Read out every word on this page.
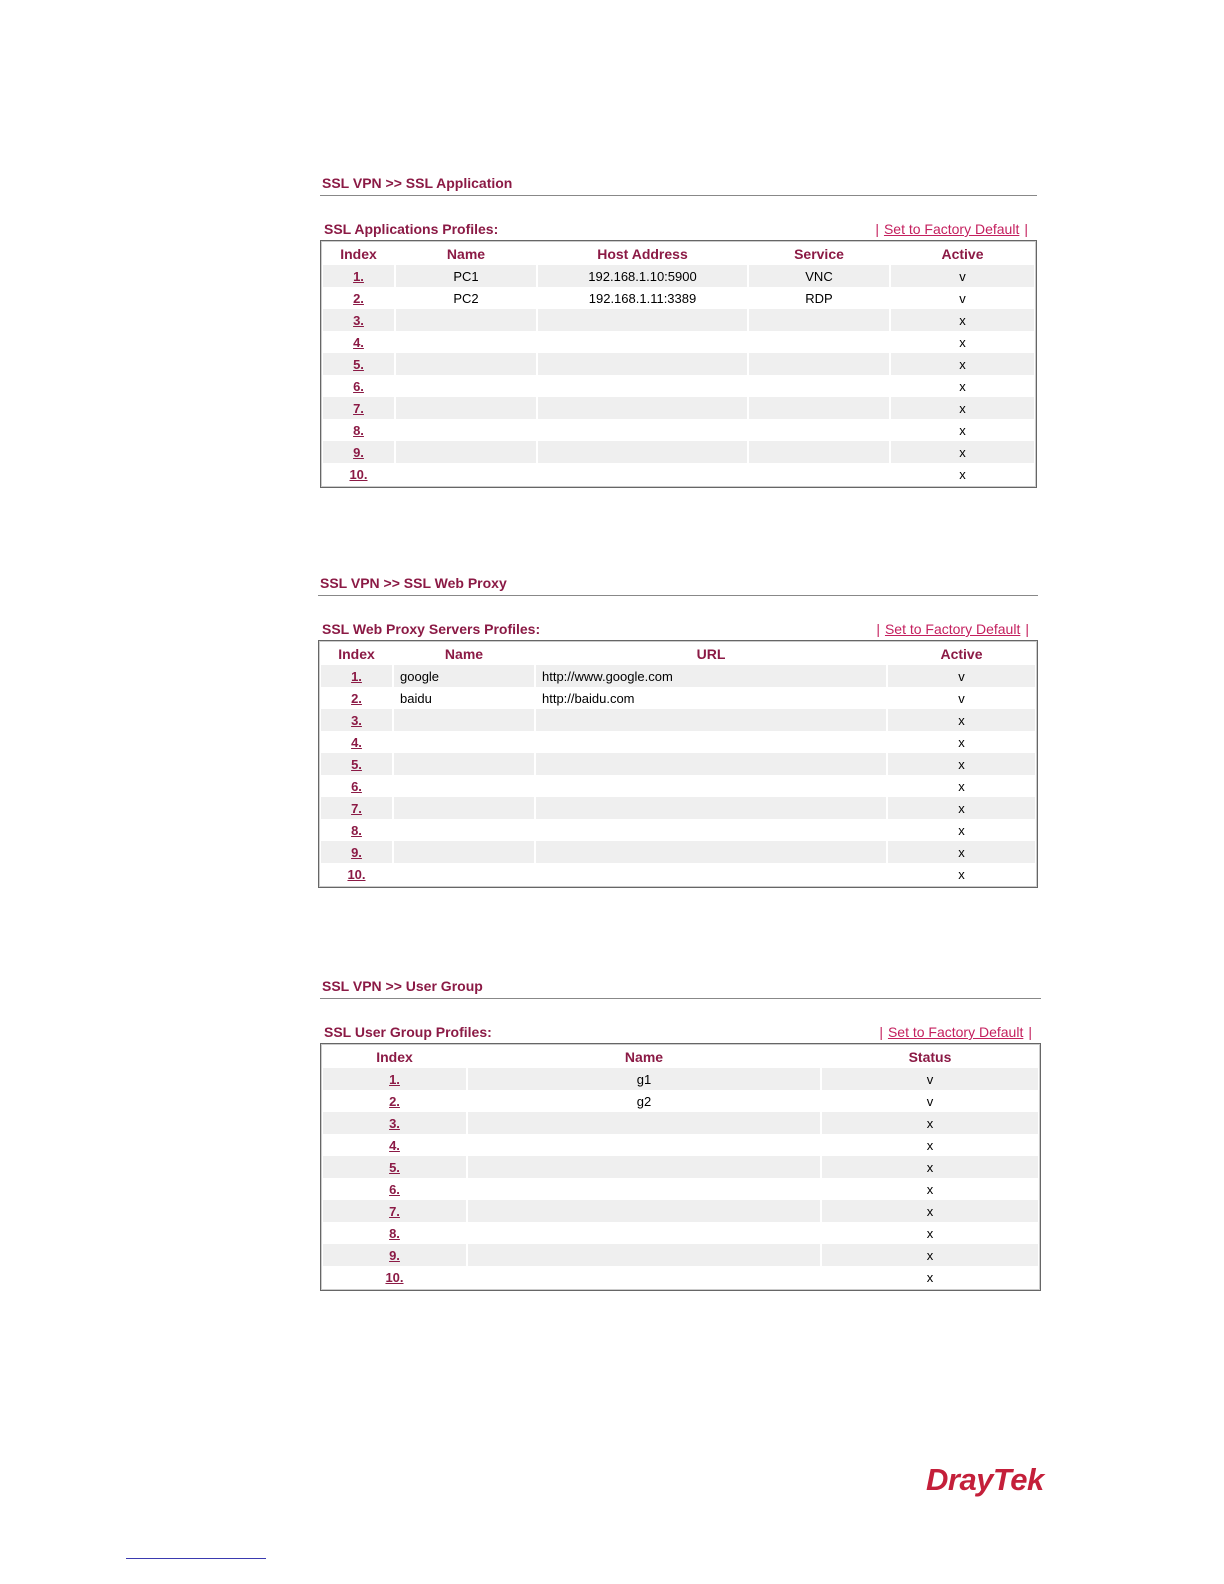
SSL VPN >> SSL Application
SSL Applications Profiles:	| Set to Factory Default |
Index	Name	Host Address	Service	Active
1.	PC1	192.168.1.10:5900	VNC	v
2.	PC2	192.168.1.11:3389	RDP	v
3.				x
4.				x
5.				x
6.				x
7.				x
8.				x
9.				x
10.				x
SSL VPN >> SSL Web Proxy
SSL Web Proxy Servers Profiles:	| Set to Factory Default |
Index	Name	URL	Active
1.	google	http://www.google.com	v
2.	baidu	http://baidu.com	v
3.			x
4.			x
5.			x
6.			x
7.			x
8.			x
9.			x
10.			x
SSL VPN >> User Group
SSL User Group Profiles:	| Set to Factory Default |
Index	Name	Status
1.	g1	v
2.	g2	v
3.		x
4.		x
5.		x
6.		x
7.		x
8.		x
9.		x
10.		x
DrayTek
